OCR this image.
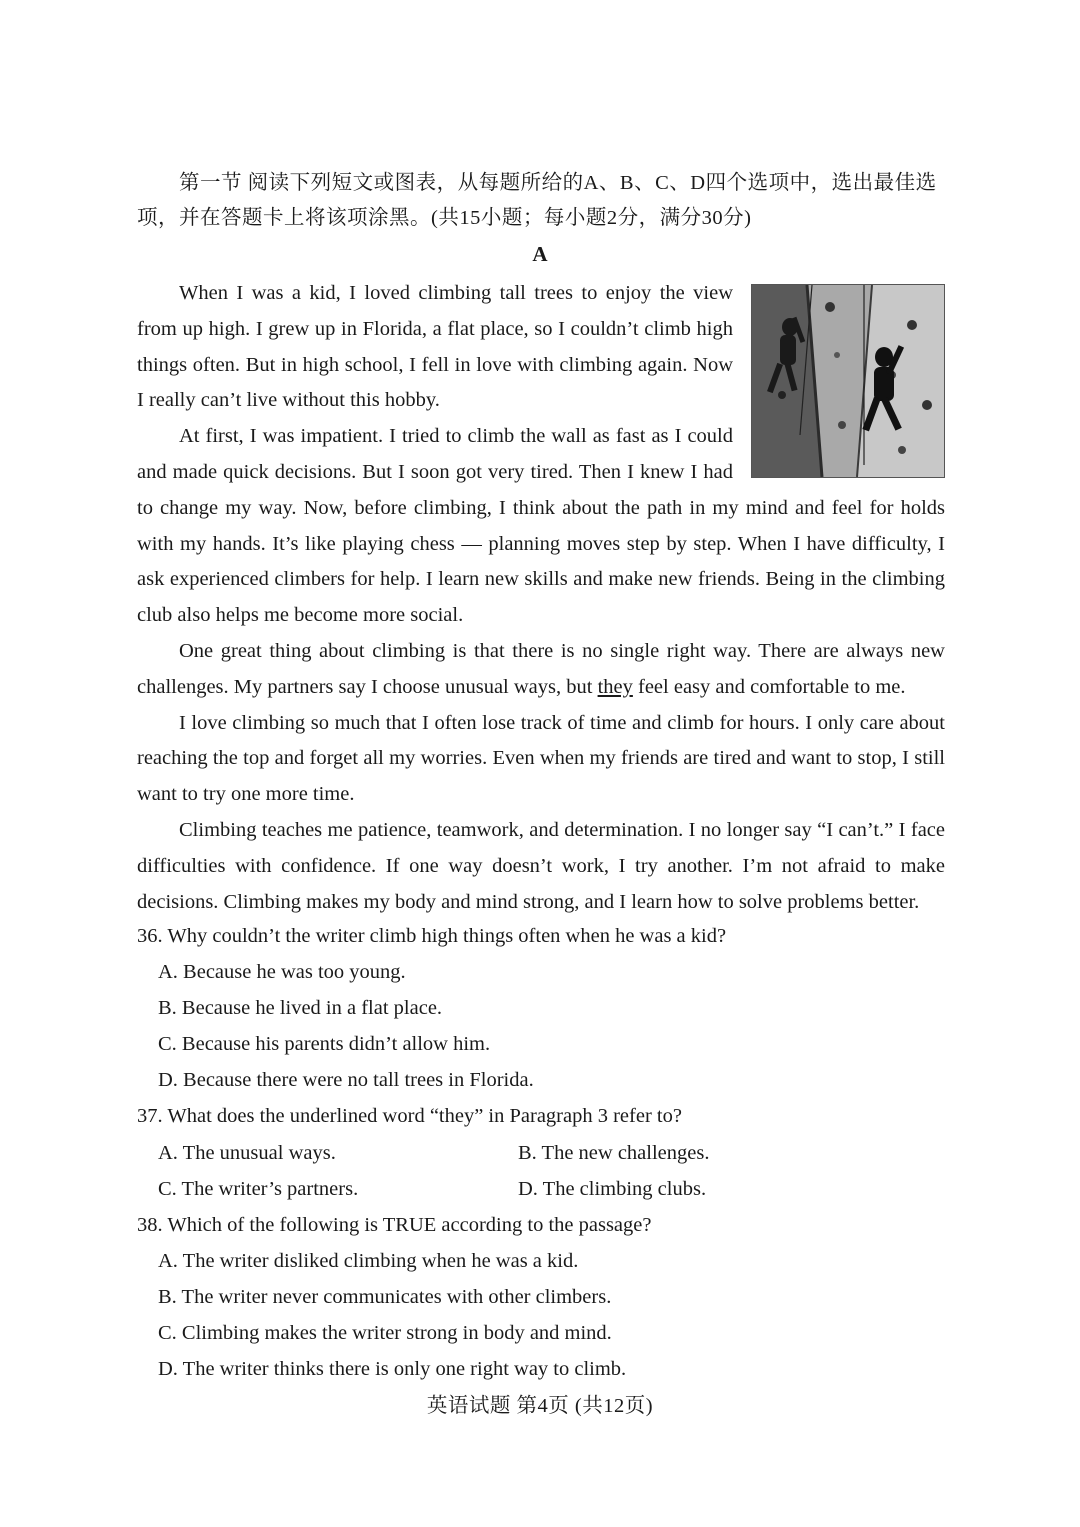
第一节 阅读下列短文或图表，从每题所给的A、B、C、D四个选项中，选出最佳选项，并在答题卡上将该项涂黑。(共15小题；每小题2分，满分30分)
A

When I was a kid, I loved climbing tall trees to enjoy the view from up high. I grew up in Florida, a flat place, so I couldn’t climb high things often. But in high school, I fell in love with climbing again. Now I really can’t live without this hobby.

At first, I was impatient. I tried to climb the wall as fast as I could and made quick decisions. But I soon got very tired. Then I knew I had to change my way. Now, before climbing, I think about the path in my mind and feel for holds with my hands. It’s like playing chess — planning moves step by step. When I have difficulty, I ask experienced climbers for help. I learn new skills and make new friends. Being in the climbing club also helps me become more social.

One great thing about climbing is that there is no single right way. There are always new challenges. My partners say I choose unusual ways, but they feel easy and comfortable to me.

I love climbing so much that I often lose track of time and climb for hours. I only care about reaching the top and forget all my worries. Even when my friends are tired and want to stop, I still want to try one more time.

Climbing teaches me patience, teamwork, and determination. I no longer say “I can’t.” I face difficulties with confidence. If one way doesn’t work, I try another. I’m not afraid to make decisions. Climbing makes my body and mind strong, and I learn how to solve problems better.

36. Why couldn’t the writer climb high things often when he was a kid?

A. Because he was too young.

B. Because he lived in a flat place.

C. Because his parents didn’t allow him.

D. Because there were no tall trees in Florida.

37. What does the underlined word “they” in Paragraph 3 refer to?

A. The unusual ways.	B. The new challenges.
C. The writer’s partners.	D. The climbing clubs.

38. Which of the following is TRUE according to the passage?

A. The writer disliked climbing when he was a kid.

B. The writer never communicates with other climbers.

C. Climbing makes the writer strong in body and mind.

D. The writer thinks there is only one right way to climb.

英语试题 第4页 (共12页)
